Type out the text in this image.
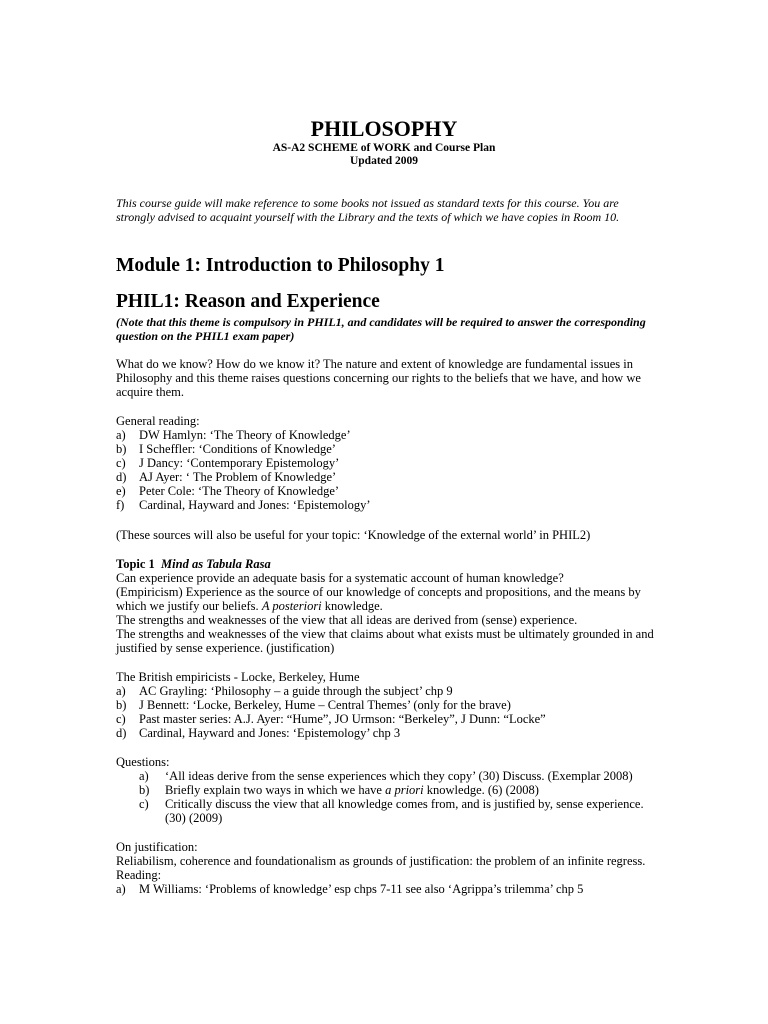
PHILOSOPHY
AS-A2 SCHEME of WORK and Course Plan
Updated 2009
This course guide will make reference to some books not issued as standard texts for this course. You are strongly advised to acquaint yourself with the Library and the texts of which we have copies in Room 10.
Module 1: Introduction to Philosophy 1
PHIL1: Reason and Experience
(Note that this theme is compulsory in PHIL1, and candidates will be required to answer the corresponding question on the PHIL1 exam paper)
What do we know? How do we know it? The nature and extent of knowledge are fundamental issues in Philosophy and this theme raises questions concerning our rights to the beliefs that we have, and how we acquire them.
General reading:
a)	DW Hamlyn: ‘The Theory of Knowledge’
b)	I Scheffler: ‘Conditions of Knowledge’
c)	J Dancy: ‘Contemporary Epistemology’
d)	AJ Ayer: ‘ The Problem of Knowledge’
e)	Peter Cole: ‘The Theory of Knowledge’
f)	Cardinal, Hayward and Jones: ‘Epistemology’
(These sources will also be useful for your topic: ‘Knowledge of the external world’ in PHIL2)
Topic 1 Mind as Tabula Rasa
Can experience provide an adequate basis for a systematic account of human knowledge?
(Empiricism) Experience as the source of our knowledge of concepts and propositions, and the means by which we justify our beliefs. A posteriori knowledge.
The strengths and weaknesses of the view that all ideas are derived from (sense) experience.
The strengths and weaknesses of the view that claims about what exists must be ultimately grounded in and justified by sense experience. (justification)
The British empiricists - Locke, Berkeley, Hume
a)	AC Grayling: ‘Philosophy – a guide through the subject’ chp 9
b)	J Bennett: ‘Locke, Berkeley, Hume – Central Themes’ (only for the brave)
c)	Past master series: A.J. Ayer: “Hume”, JO Urmson: “Berkeley”, J Dunn: “Locke”
d)	Cardinal, Hayward and Jones: ‘Epistemology’ chp 3
Questions:
a)	‘All ideas derive from the sense experiences which they copy’ (30) Discuss. (Exemplar 2008)
b)	Briefly explain two ways in which we have a priori knowledge. (6) (2008)
c)	Critically discuss the view that all knowledge comes from, and is justified by, sense experience. (30) (2009)
On justification:
Reliabilism, coherence and foundationalism as grounds of justification: the problem of an infinite regress.
Reading:
a)	M Williams: ‘Problems of knowledge’ esp chps 7-11 see also ‘Agrippa’s trilemma’ chp 5
